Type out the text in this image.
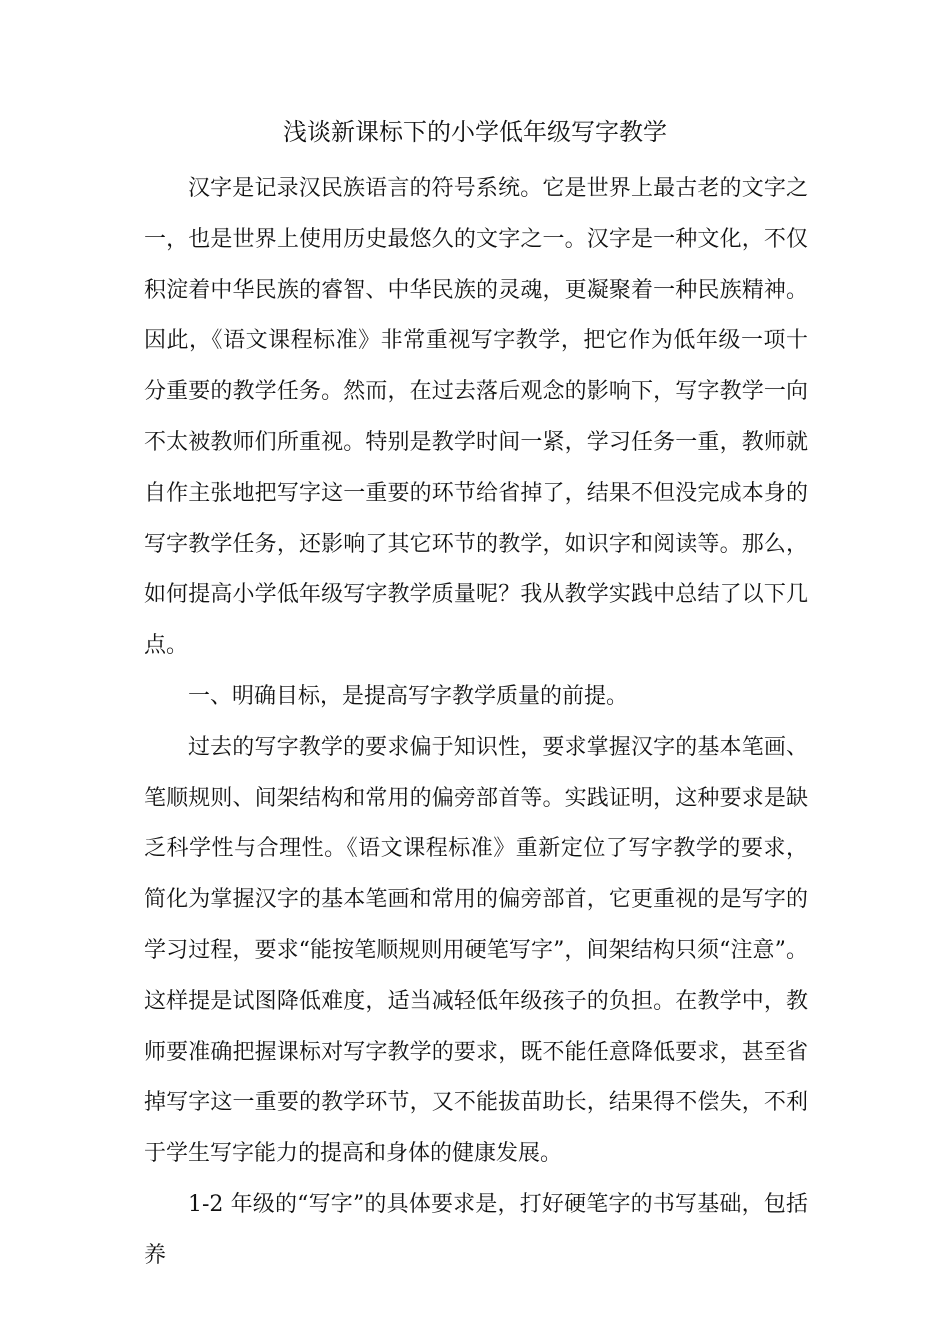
浅谈新课标下的小学低年级写字教学

汉字是记录汉民族语言的符号系统。它是世界上最古老的文字之一，也是世界上使用历史最悠久的文字之一。汉字是一种文化，不仅积淀着中华民族的睿智、中华民族的灵魂，更凝聚着一种民族精神。因此，《语文课程标准》非常重视写字教学，把它作为低年级一项十分重要的教学任务。然而，在过去落后观念的影响下，写字教学一向不太被教师们所重视。特别是教学时间一紧，学习任务一重，教师就自作主张地把写字这一重要的环节给省掉了，结果不但没完成本身的写字教学任务，还影响了其它环节的教学，如识字和阅读等。那么，如何提高小学低年级写字教学质量呢？我从教学实践中总结了以下几点。

一、明确目标，是提高写字教学质量的前提。

过去的写字教学的要求偏于知识性，要求掌握汉字的基本笔画、笔顺规则、间架结构和常用的偏旁部首等。实践证明，这种要求是缺乏科学性与合理性。《语文课程标准》重新定位了写字教学的要求，简化为掌握汉字的基本笔画和常用的偏旁部首，它更重视的是写字的学习过程，要求“能按笔顺规则用硬笔写字”，间架结构只须“注意”。这样提是试图降低难度，适当减轻低年级孩子的负担。在教学中，教师要准确把握课标对写字教学的要求，既不能任意降低要求，甚至省掉写字这一重要的教学环节，又不能拔苗助长，结果得不偿失，不利于学生写字能力的提高和身体的健康发展。

1-2 年级的“写字”的具体要求是，打好硬笔字的书写基础，包括养
